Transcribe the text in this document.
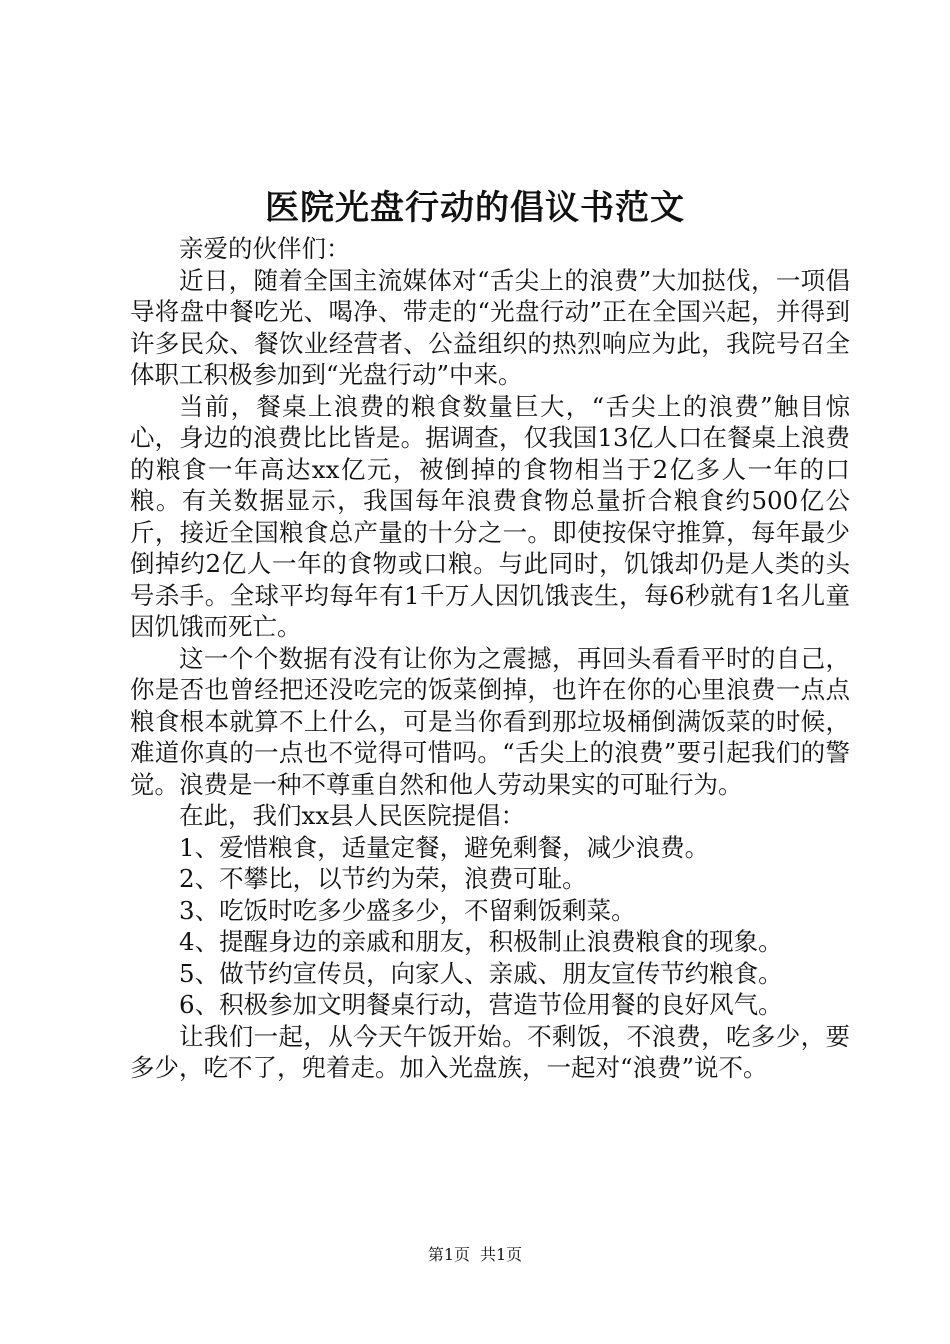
医院光盘行动的倡议书范文

亲爱的伙伴们：

近日，随着全国主流媒体对“舌尖上的浪费”大加挞伐，一项倡导将盘中餐吃光、喝净、带走的“光盘行动”正在全国兴起，并得到许多民众、餐饮业经营者、公益组织的热烈响应为此，我院号召全体职工积极参加到“光盘行动”中来。

当前，餐桌上浪费的粮食数量巨大，“舌尖上的浪费”触目惊心，身边的浪费比比皆是。据调查，仅我国13亿人口在餐桌上浪费的粮食一年高达xx亿元，被倒掉的食物相当于2亿多人一年的口粮。有关数据显示，我国每年浪费食物总量折合粮食约500亿公斤，接近全国粮食总产量的十分之一。即使按保守推算，每年最少倒掉约2亿人一年的食物或口粮。与此同时，饥饿却仍是人类的头号杀手。全球平均每年有1千万人因饥饿丧生，每6秒就有1名儿童因饥饿而死亡。

这一个个数据有没有让你为之震撼，再回头看看平时的自己，你是否也曾经把还没吃完的饭菜倒掉，也许在你的心里浪费一点点粮食根本就算不上什么，可是当你看到那垃圾桶倒满饭菜的时候，难道你真的一点也不觉得可惜吗。“舌尖上的浪费”要引起我们的警觉。浪费是一种不尊重自然和他人劳动果实的可耻行为。

在此，我们xx县人民医院提倡：

1、爱惜粮食，适量定餐，避免剩餐，减少浪费。

2、不攀比，以节约为荣，浪费可耻。

3、吃饭时吃多少盛多少，不留剩饭剩菜。

4、提醒身边的亲戚和朋友，积极制止浪费粮食的现象。

5、做节约宣传员，向家人、亲戚、朋友宣传节约粮食。

6、积极参加文明餐桌行动，营造节俭用餐的良好风气。

让我们一起，从今天午饭开始。不剩饭，不浪费，吃多少，要多少，吃不了，兜着走。加入光盘族，一起对“浪费”说不。

第1页 共1页
